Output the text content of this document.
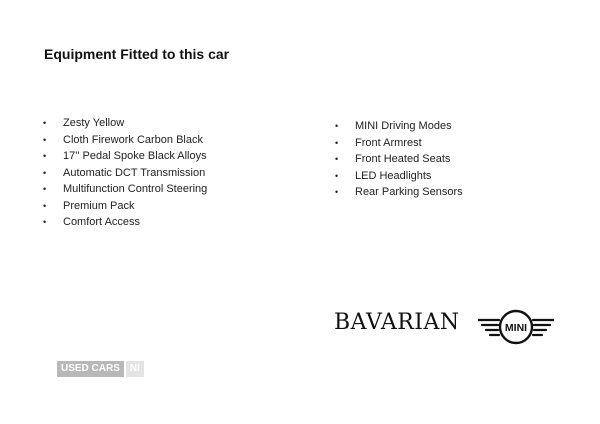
Equipment Fitted to this car
• Zesty Yellow
• Cloth Firework Carbon Black
• 17'' Pedal Spoke Black Alloys
• Automatic DCT Transmission
• Multifunction Control Steering
• Premium Pack
• Comfort Access
• MINI Driving Modes
• Front Armrest
• Front Heated Seats
• LED Headlights
• Rear Parking Sensors
BAVARIAN	MINI
USED CARS	NI
